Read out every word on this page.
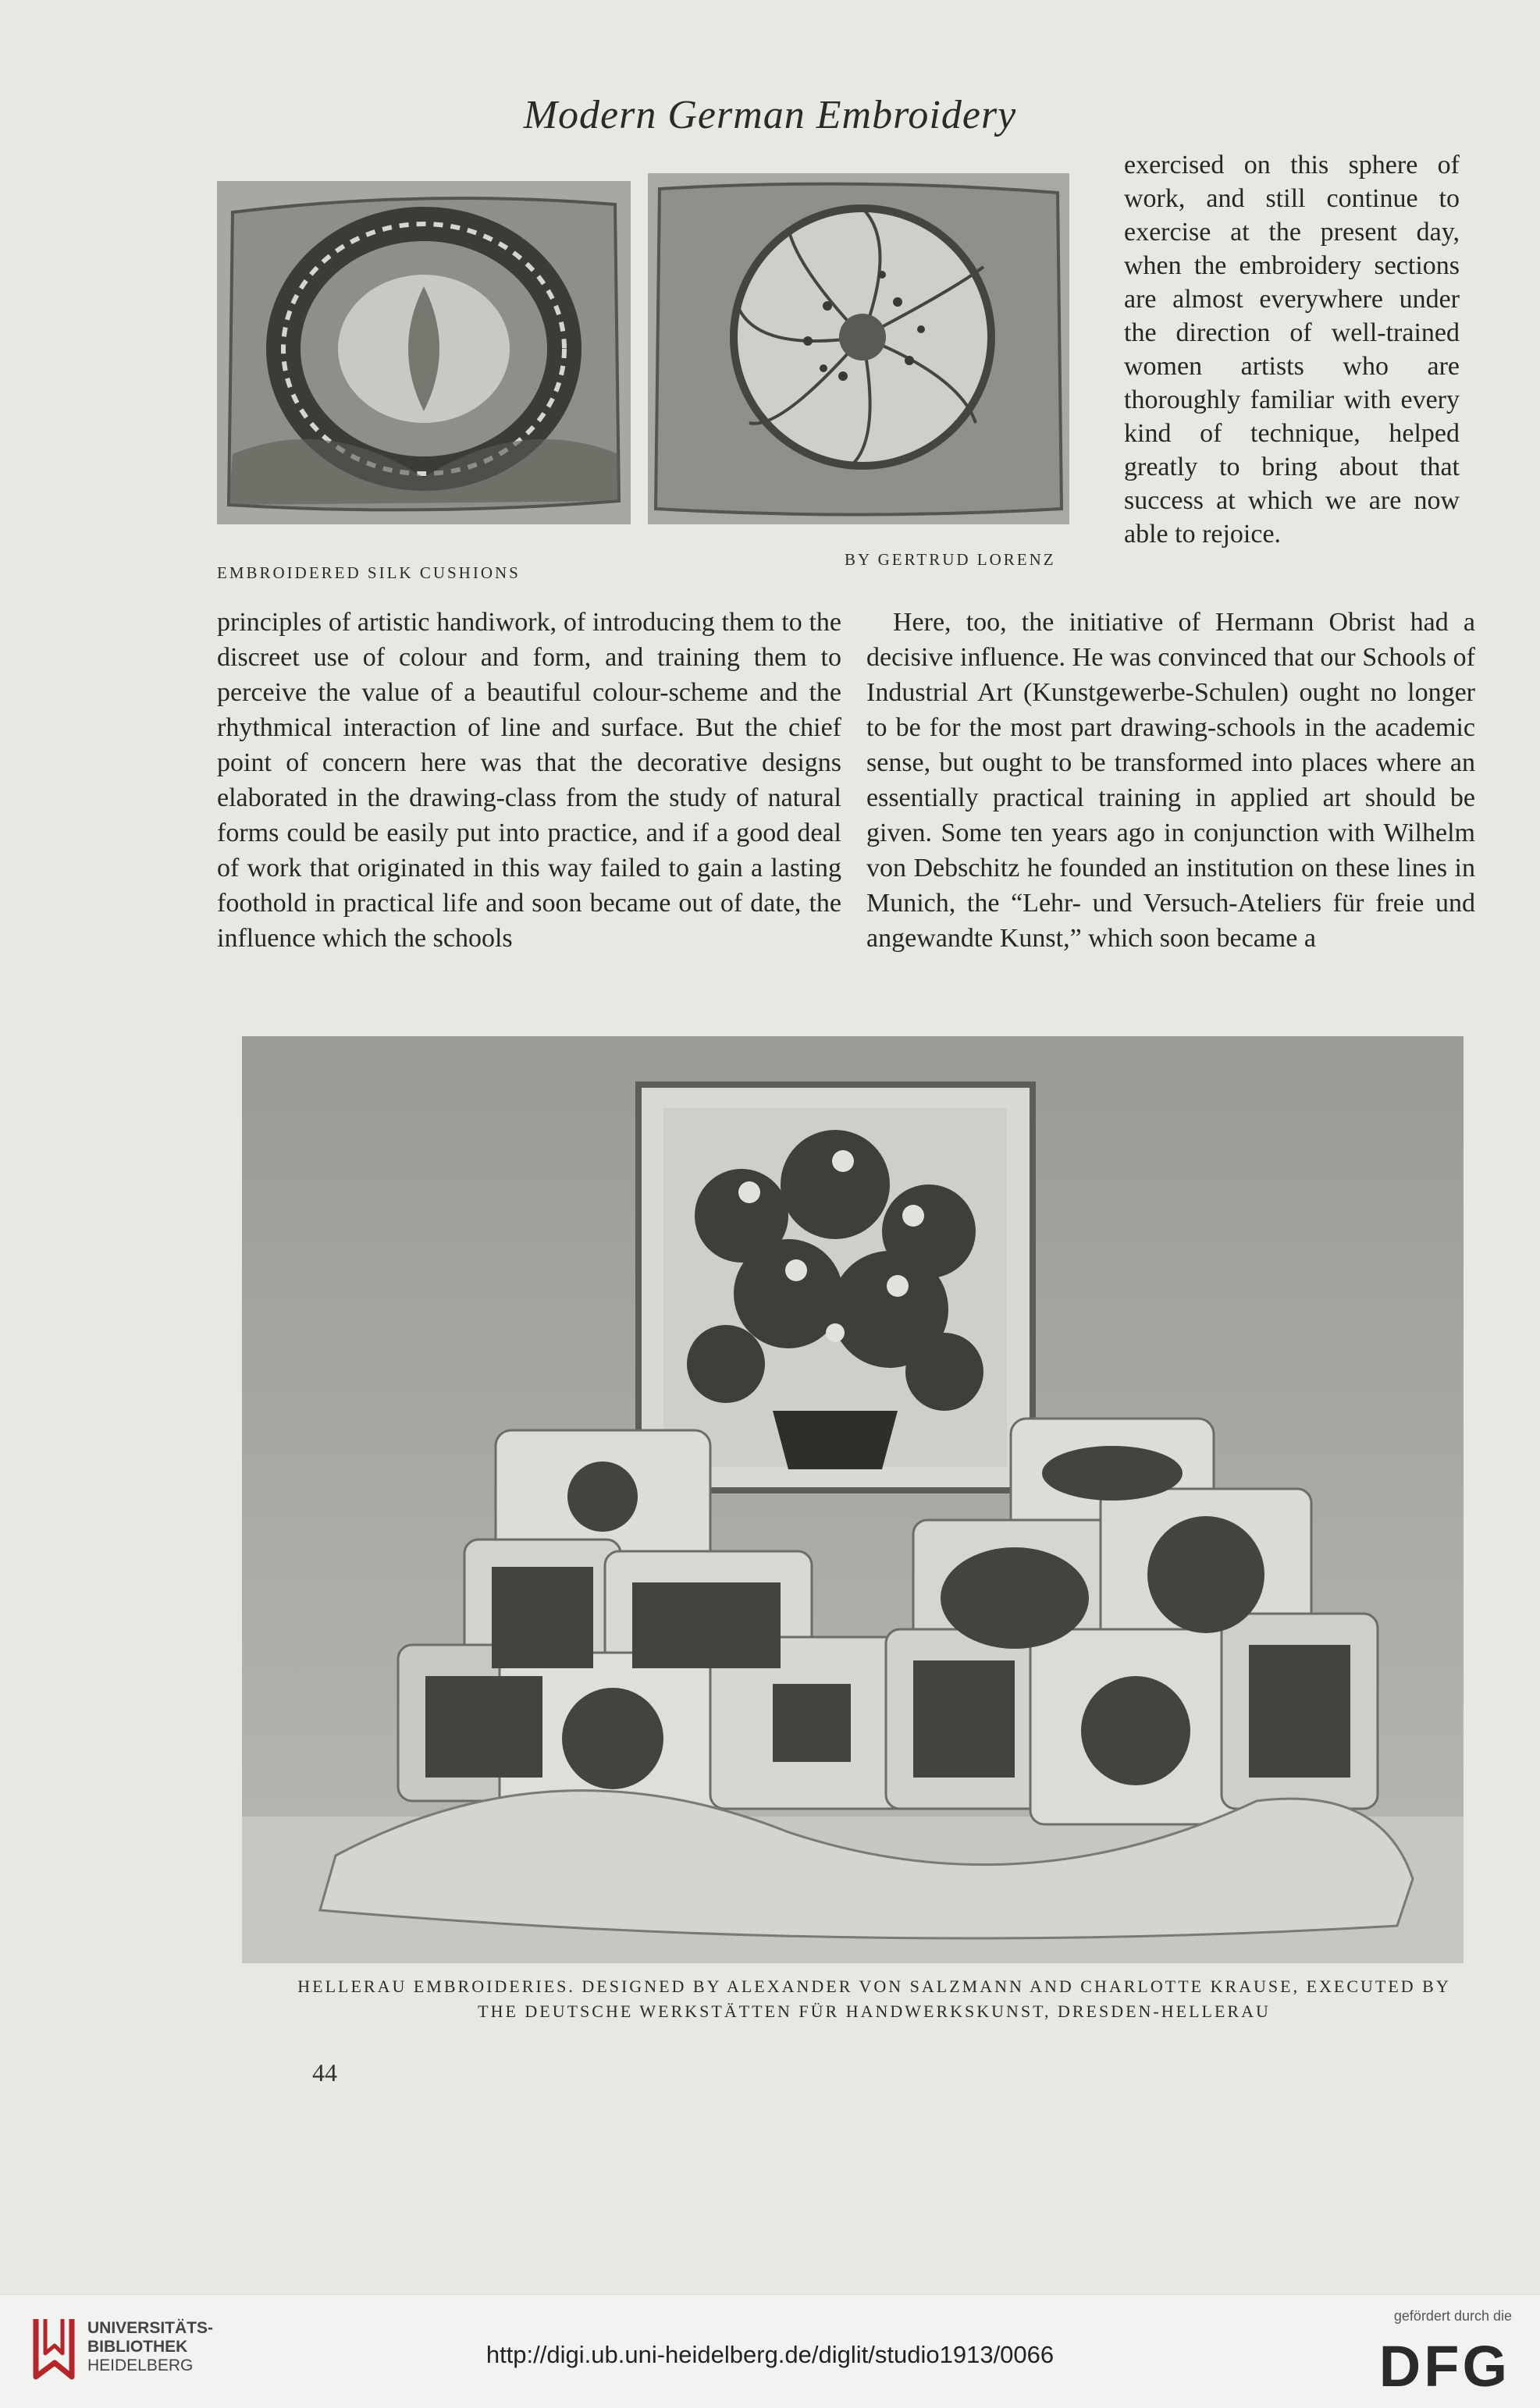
Modern German Embroidery
EMBROIDERED SILK CUSHIONS
BY GERTRUD LORENZ

exercised on this sphere of work, and still continue to exercise at the present day, when the embroidery sections are almost everywhere under the direction of well-trained women artists who are thoroughly familiar with every kind of technique, helped greatly to bring about that success at which we are now able to rejoice.

principles of artistic handiwork, of introducing them to the discreet use of colour and form, and training them to perceive the value of a beautiful colour-scheme and the rhythmical interaction of line and surface. But the chief point of concern here was that the decorative designs elaborated in the drawing-class from the study of natural forms could be easily put into practice, and if a good deal of work that originated in this way failed to gain a lasting foothold in practical life and soon became out of date, the influence which the schools

Here, too, the initiative of Hermann Obrist had a decisive influence. He was convinced that our Schools of Industrial Art (Kunstgewerbe-Schulen) ought no longer to be for the most part drawing-schools in the academic sense, but ought to be transformed into places where an essentially practical training in applied art should be given. Some ten years ago in conjunction with Wilhelm von Debschitz he founded an institution on these lines in Munich, the “Lehr- und Versuch-Ateliers für freie und angewandte Kunst,” which soon became a

HELLERAU EMBROIDERIES. DESIGNED BY ALEXANDER VON SALZMANN AND CHARLOTTE KRAUSE, EXECUTED BY
THE DEUTSCHE WERKSTÄTTEN FÜR HANDWERKSKUNST, DRESDEN-HELLERAU
44
UNIVERSITÄTS-
BIBLIOTHEK
HEIDELBERG	http://digi.ub.uni-heidelberg.de/diglit/studio1913/0066
gefördert durch die
DFG
